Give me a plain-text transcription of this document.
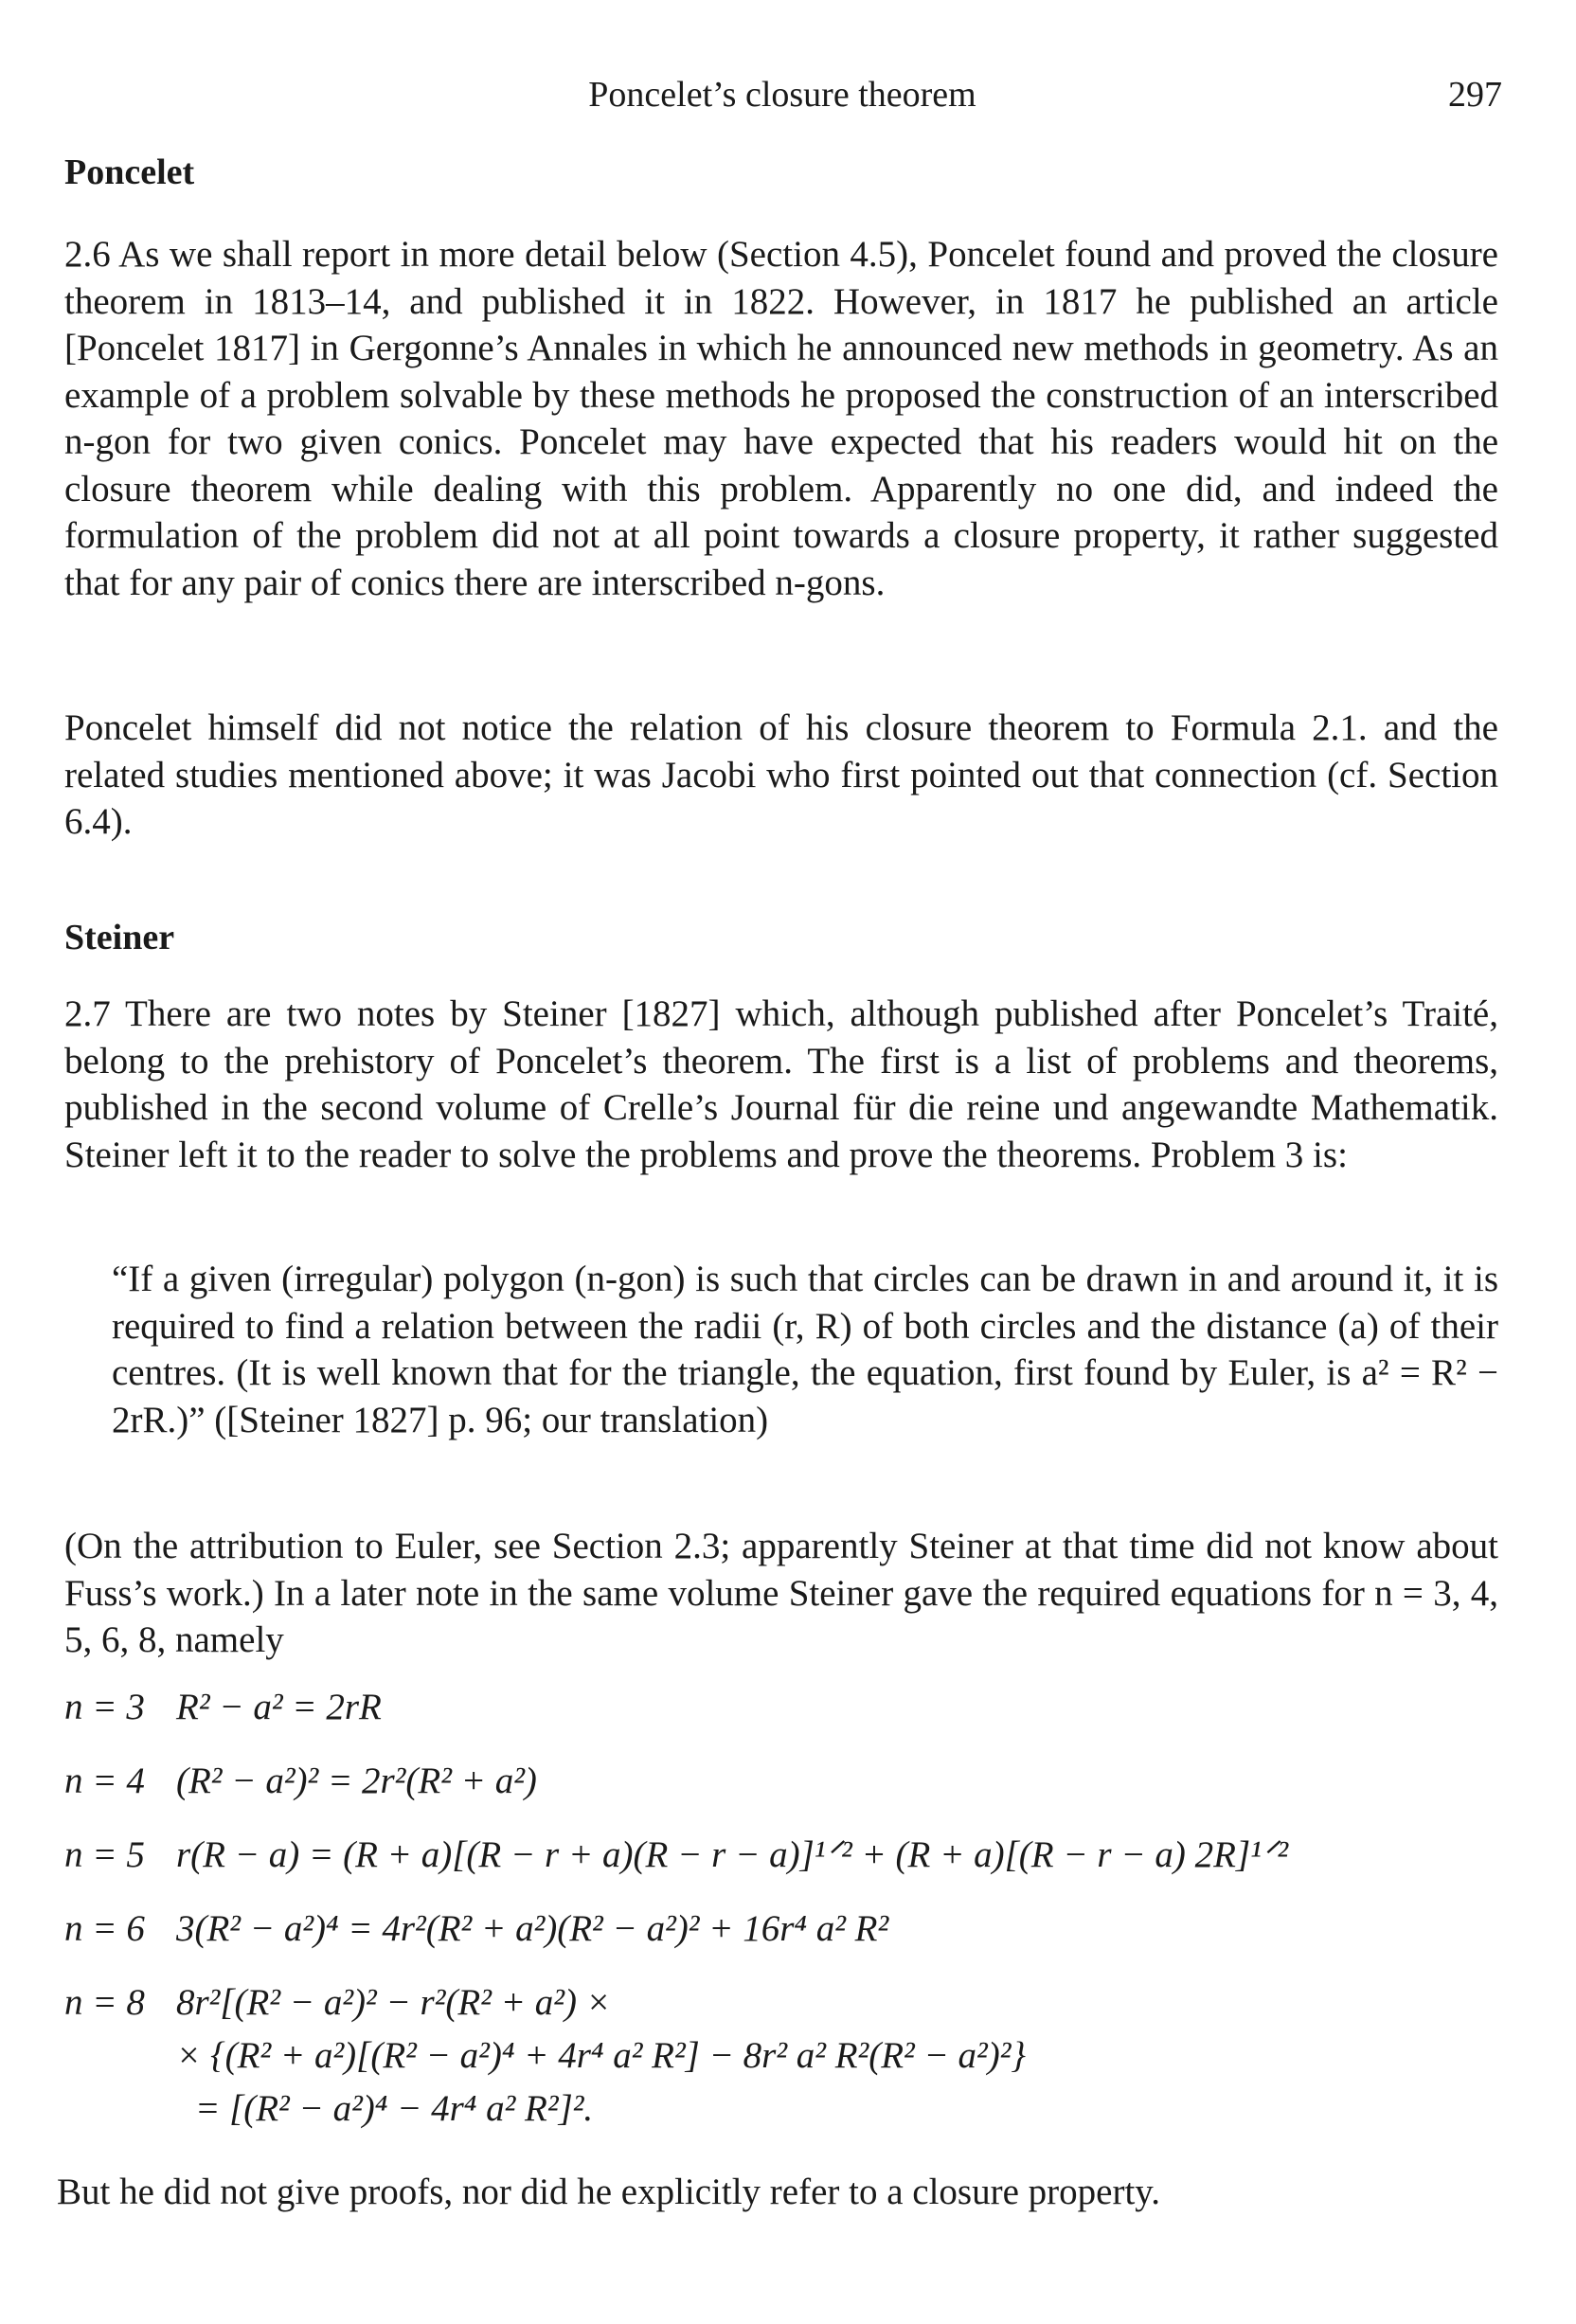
Poncelet’s closure theorem	297
Poncelet

2.6 As we shall report in more detail below (Section 4.5), Poncelet found and proved the closure theorem in 1813–14, and published it in 1822. However, in 1817 he published an article [Poncelet 1817] in Gergonne’s Annales in which he announced new methods in geometry. As an example of a problem solvable by these methods he proposed the construction of an interscribed n-gon for two given conics. Poncelet may have expected that his readers would hit on the closure theorem while dealing with this problem. Apparently no one did, and indeed the formulation of the problem did not at all point towards a closure property, it rather suggested that for any pair of conics there are interscribed n-gons.

Poncelet himself did not notice the relation of his closure theorem to Formula 2.1. and the related studies mentioned above; it was Jacobi who first pointed out that connection (cf. Section 6.4).

Steiner

2.7 There are two notes by Steiner [1827] which, although published after Poncelet’s Traité, belong to the prehistory of Poncelet’s theorem. The first is a list of problems and theorems, published in the second volume of Crelle’s Journal für die reine und angewandte Mathematik. Steiner left it to the reader to solve the problems and prove the theorems. Problem 3 is:

“If a given (irregular) polygon (n-gon) is such that circles can be drawn in and around it, it is required to find a relation between the radii (r, R) of both circles and the distance (a) of their centres. (It is well known that for the triangle, the equation, first found by Euler, is a² = R² − 2rR.)” ([Steiner 1827] p. 96; our translation)

(On the attribution to Euler, see Section 2.3; apparently Steiner at that time did not know about Fuss’s work.) In a later note in the same volume Steiner gave the required equations for n = 3, 4, 5, 6, 8, namely

n = 3 R² − a² = 2rR
n = 4 (R² − a²)² = 2r²(R² + a²)
n = 5 r(R − a) = (R + a)[(R − r + a)(R − r − a)]¹ᐟ² + (R + a)[(R − r − a) 2R]¹ᐟ²
n = 6 3(R² − a²)⁴ = 4r²(R² + a²)(R² − a²)² + 16r⁴ a² R²
n = 8 8r²[(R² − a²)² − r²(R² + a²) ×
× {(R² + a²)[(R² − a²)⁴ + 4r⁴ a² R²] − 8r² a² R²(R² − a²)²}
= [(R² − a²)⁴ − 4r⁴ a² R²]².

But he did not give proofs, nor did he explicitly refer to a closure property.
